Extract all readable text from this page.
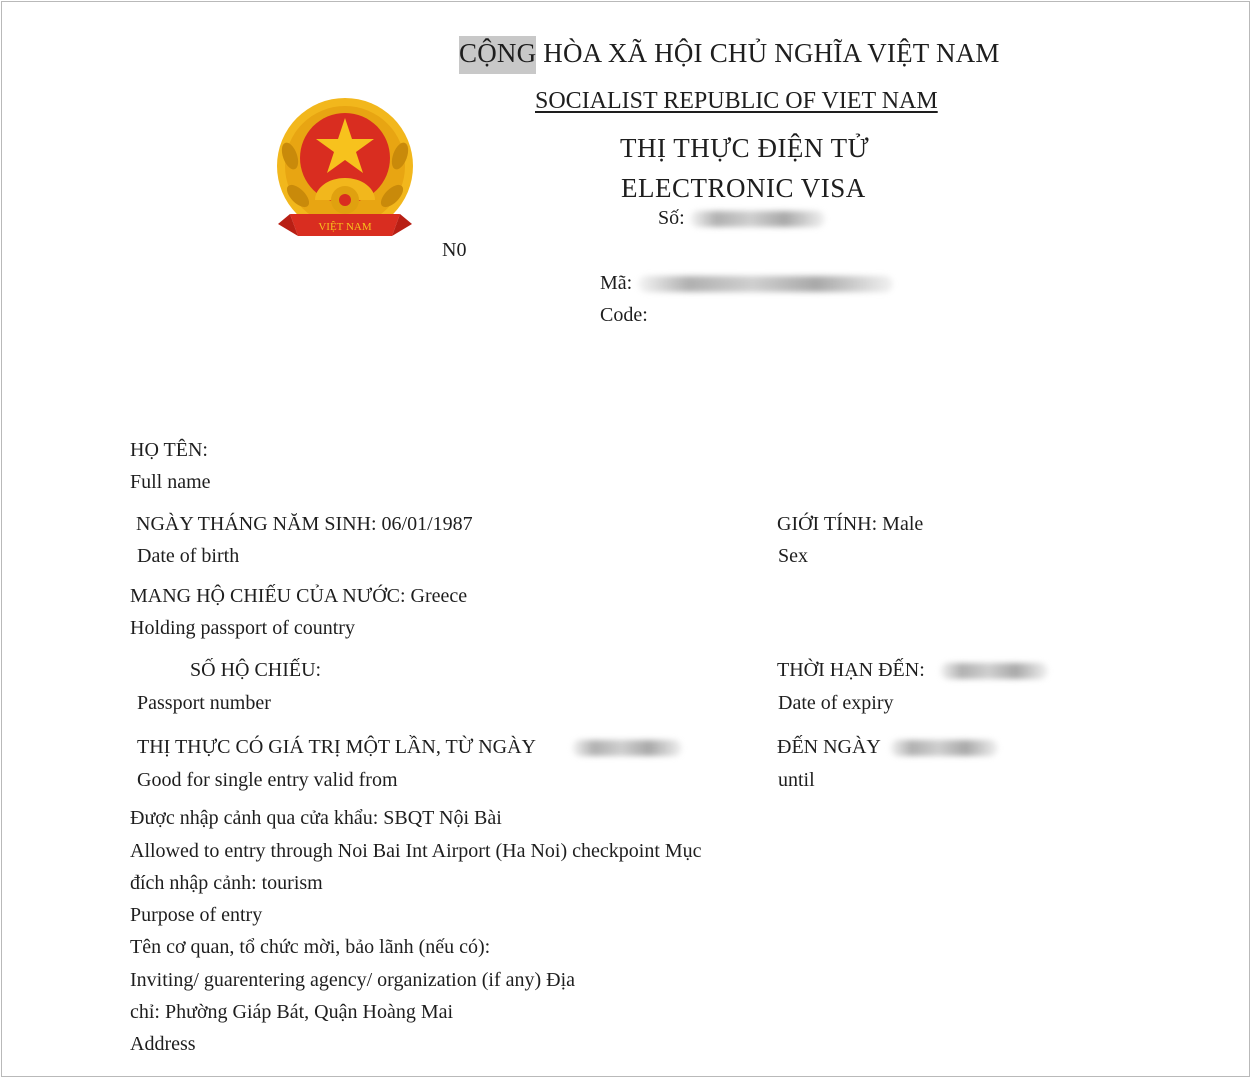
VIỆT NAM
CỘNG HÒA XÃ HỘI CHỦ NGHĨA VIỆT NAM
SOCIALIST REPUBLIC OF VIET NAM
THỊ THỰC ĐIỆN TỬ
ELECTRONIC VISA
Số:
N0
Mã:
Code:
HỌ TÊN:
Full name
NGÀY THÁNG NĂM SINH: 06/01/1987
Date of birth
GIỚI TÍNH: Male
Sex
MANG HỘ CHIẾU CỦA NƯỚC: Greece
Holding passport of country
SỐ HỘ CHIẾU:
Passport number
THỜI HẠN ĐẾN:
Date of expiry
THỊ THỰC CÓ GIÁ TRỊ MỘT LẦN, TỪ NGÀY
Good for single entry valid from
ĐẾN NGÀY
until
Được nhập cảnh qua cửa khẩu: SBQT Nội Bài
Allowed to entry through Noi Bai Int Airport (Ha Noi) checkpoint Mục
đích nhập cảnh: tourism
Purpose of entry
Tên cơ quan, tổ chức mời, bảo lãnh (nếu có):
Inviting/ guarentering agency/ organization (if any) Địa
chỉ: Phường Giáp Bát, Quận Hoàng Mai
Address
